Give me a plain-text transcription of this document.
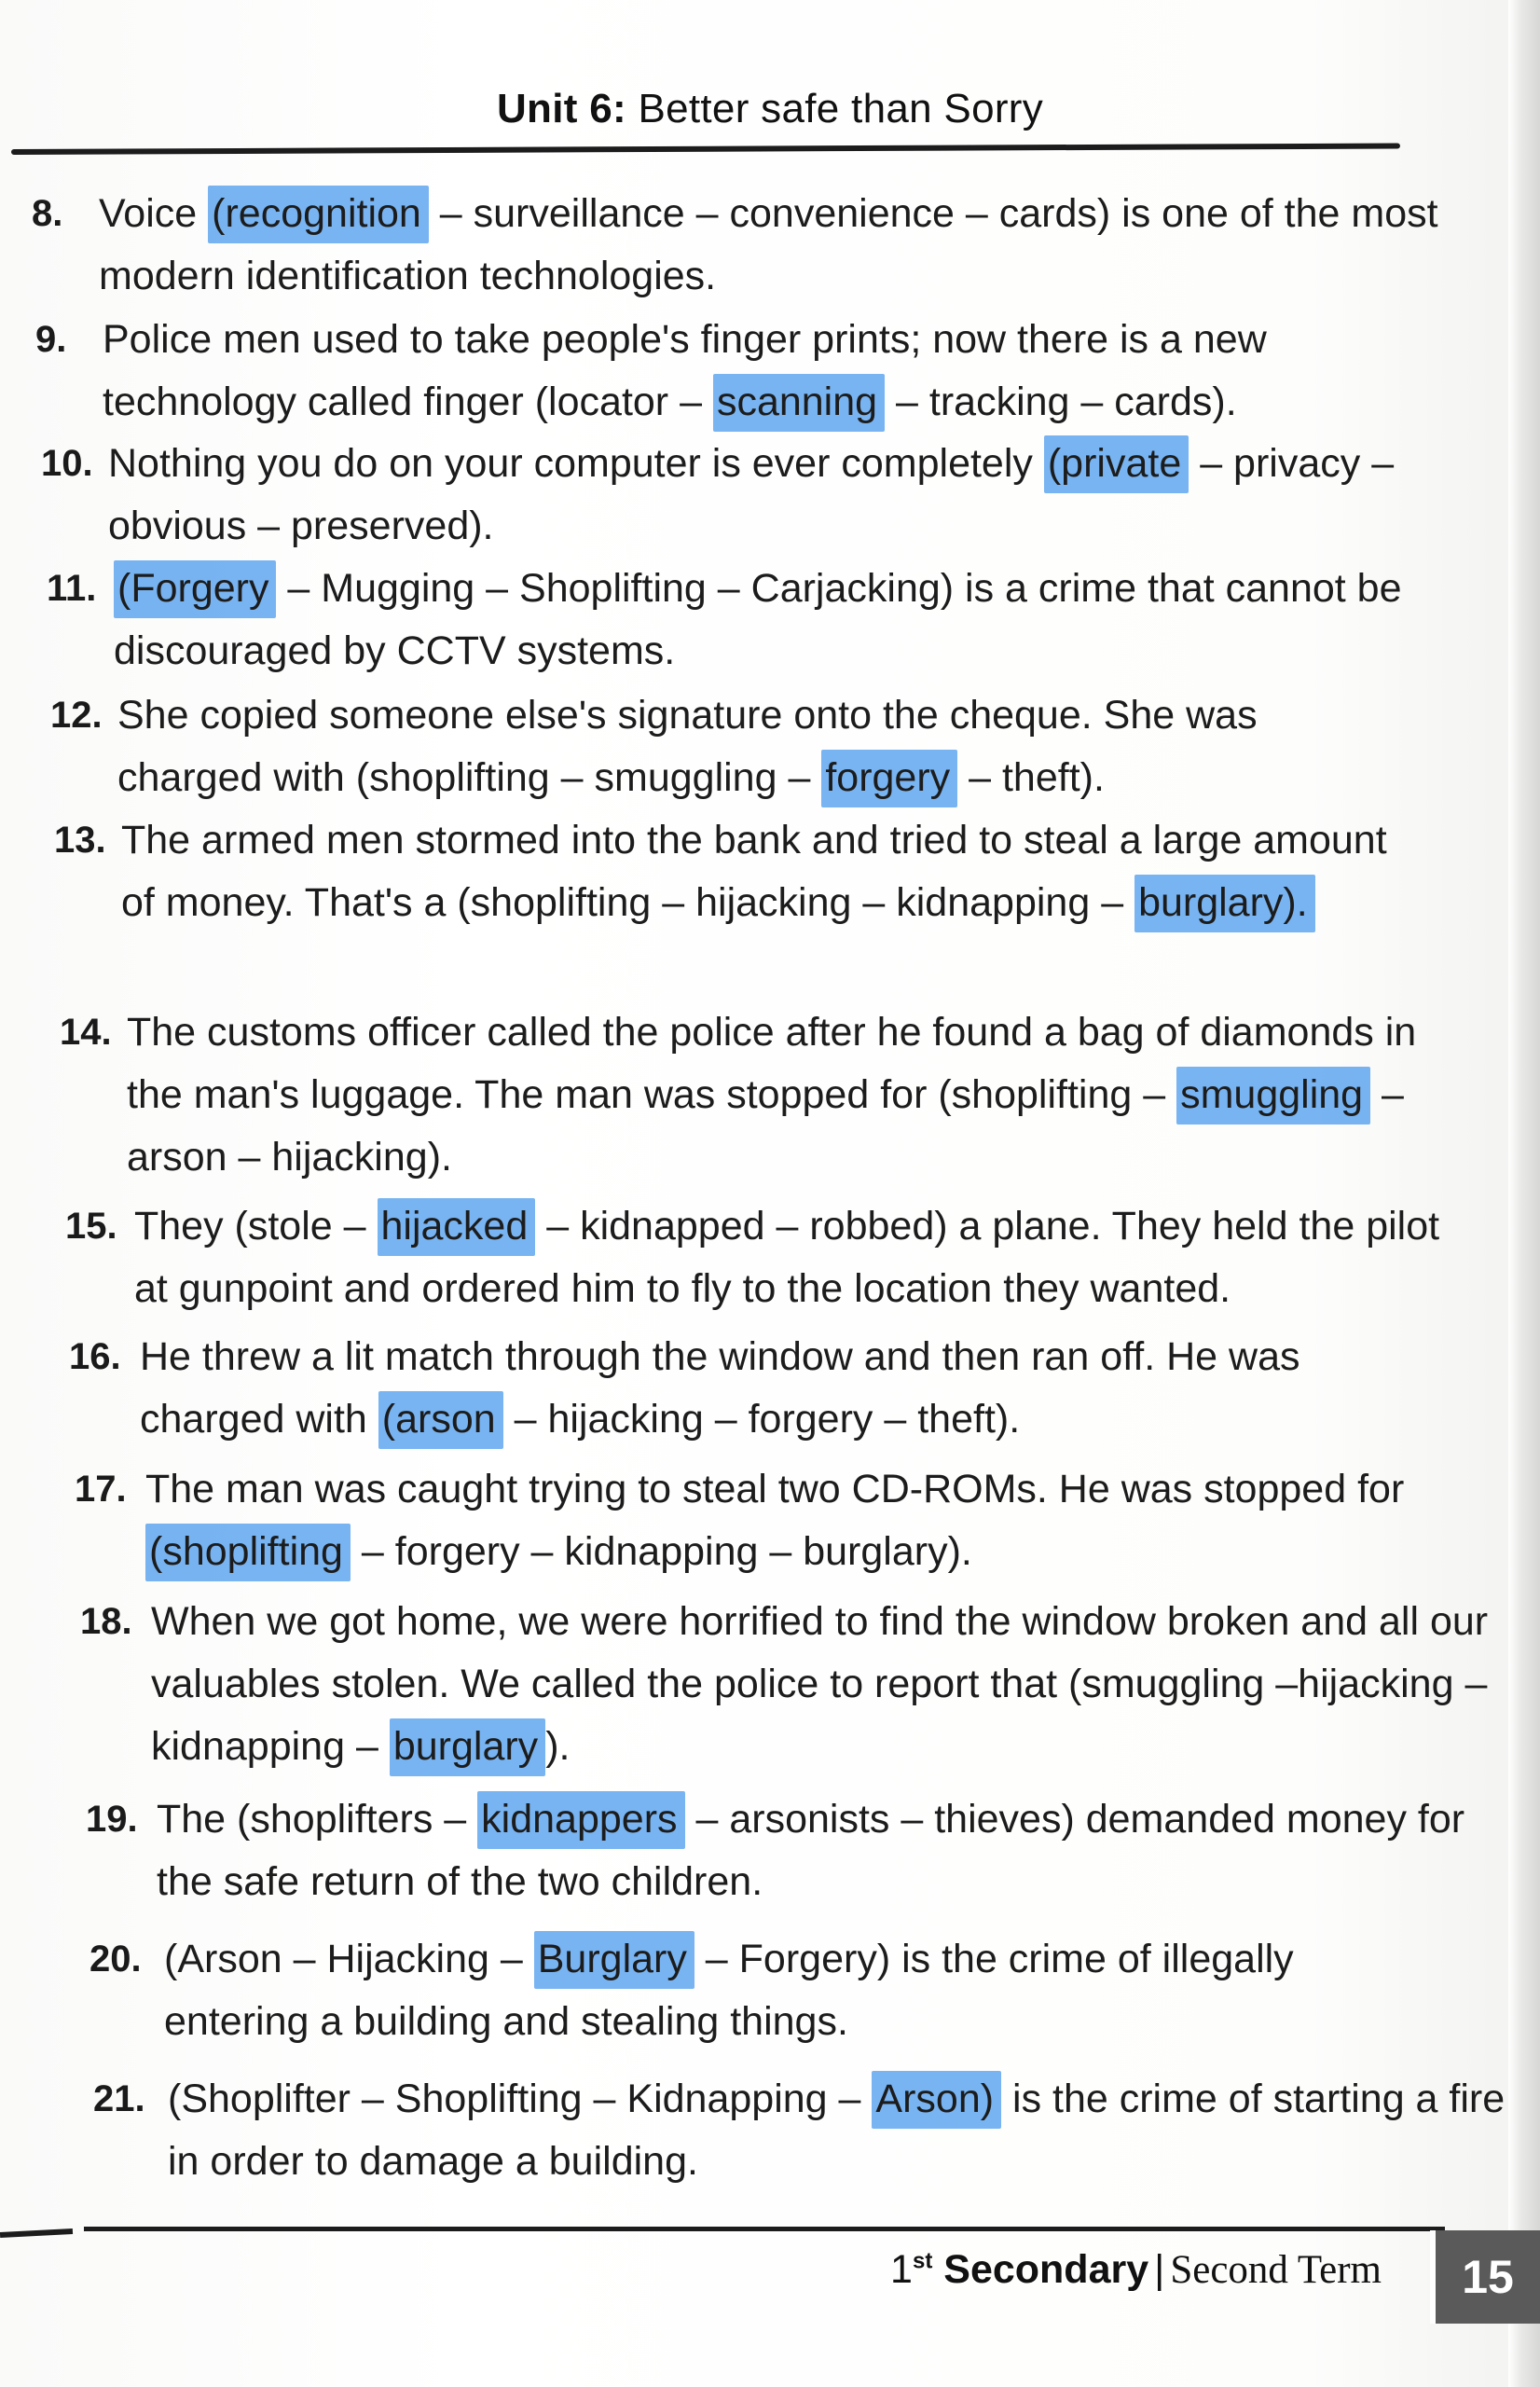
Unit 6: Better safe than Sorry
8. Voice (recognition – surveillance – convenience – cards) is one of the most modern identification technologies.
9. Police men used to take people's finger prints; now there is a new technology called finger (locator – scanning – tracking – cards).
10. Nothing you do on your computer is ever completely (private – privacy – obvious – preserved).
11. (Forgery – Mugging – Shoplifting – Carjacking) is a crime that cannot be discouraged by CCTV systems.
12. She copied someone else's signature onto the cheque. She was charged with (shoplifting – smuggling – forgery – theft).
13. The armed men stormed into the bank and tried to steal a large amount of money. That's a (shoplifting – hijacking – kidnapping – burglary).
14. The customs officer called the police after he found a bag of diamonds in the man's luggage. The man was stopped for (shoplifting – smuggling – arson – hijacking).
15. They (stole – hijacked – kidnapped – robbed) a plane. They held the pilot at gunpoint and ordered him to fly to the location they wanted.
16. He threw a lit match through the window and then ran off. He was charged with (arson – hijacking – forgery – theft).
17. The man was caught trying to steal two CD-ROMs. He was stopped for (shoplifting – forgery – kidnapping – burglary).
18. When we got home, we were horrified to find the window broken and all our valuables stolen. We called the police to report that (smuggling –hijacking – kidnapping – burglary ).
19. The (shoplifters – kidnappers – arsonists – thieves) demanded money for the safe return of the two children.
20. (Arson – Hijacking – Burglary – Forgery) is the crime of illegally entering a building and stealing things.
21. (Shoplifter – Shoplifting – Kidnapping – Arson) is the crime of starting a fire in order to damage a building.
1st Secondary | Second Term	15
